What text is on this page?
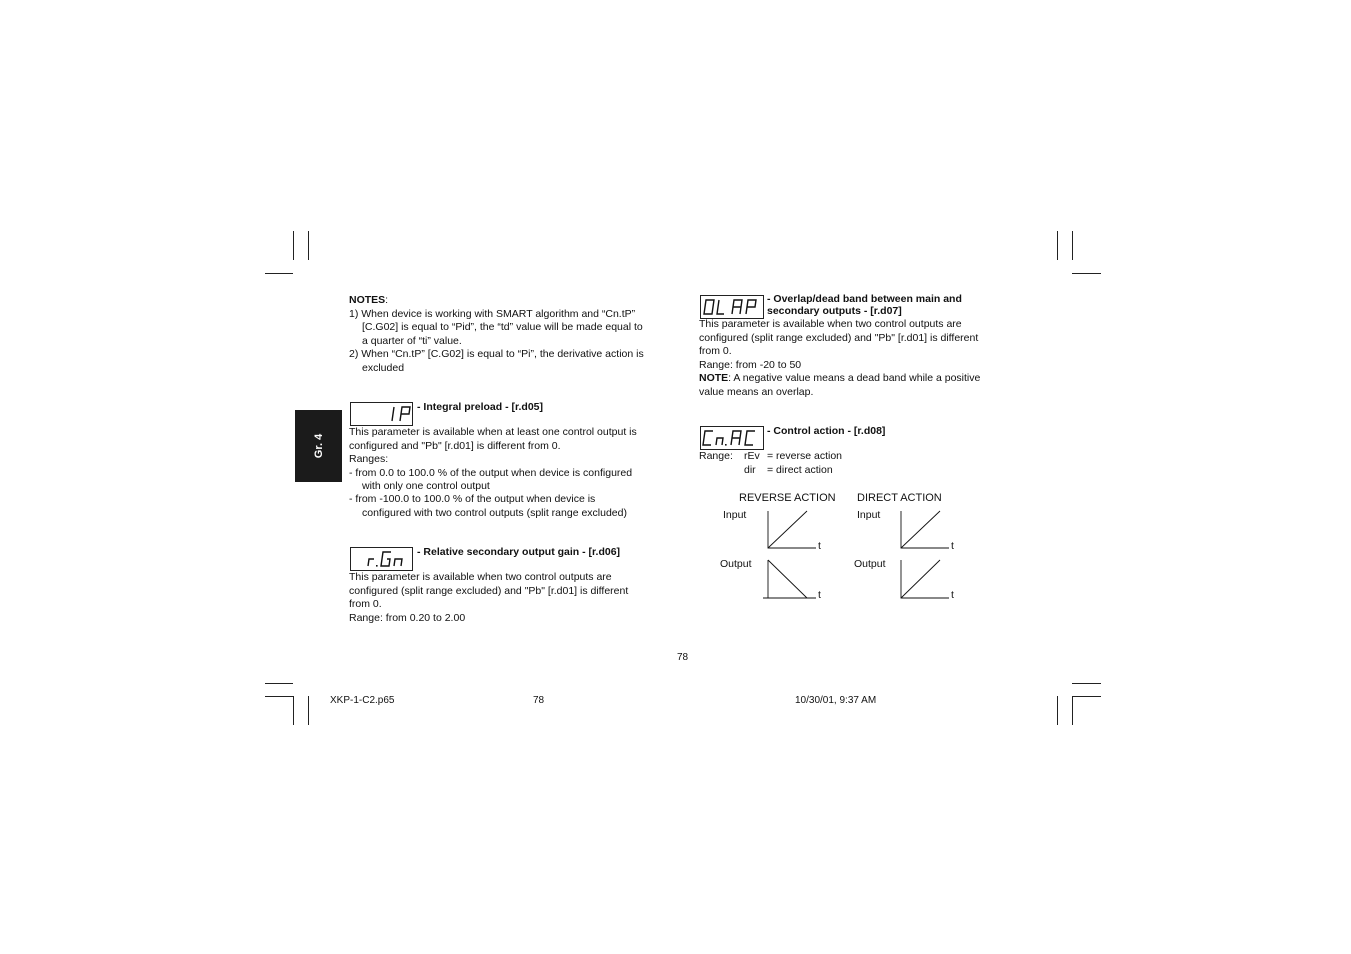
Gr. 4
NOTES:
1) When device is working with SMART algorithm and “Cn.tP”
[C.G02] is equal to “Pid”, the “td” value will be made equal to
a quarter of “ti” value.
2) When “Cn.tP” [C.G02] is equal to “Pi”, the derivative action is
excluded
- Integral preload - [r.d05]
This parameter is available when at least one control output is
configured and "Pb" [r.d01] is different from 0.
Ranges:
- from 0.0 to 100.0 % of the output when device is configured
with only one control output
- from -100.0 to 100.0 % of the output when device is
configured with two control outputs (split range excluded)
- Relative secondary output gain - [r.d06]
This parameter is available when two control outputs are
configured (split range excluded) and "Pb" [r.d01] is different
from 0.
Range: from 0.20 to 2.00
- Overlap/dead band between main and
secondary outputs - [r.d07]
This parameter is available when two control outputs are
configured (split range excluded) and "Pb" [r.d01] is different
from 0.
Range: from -20 to 50
NOTE: A negative value means a dead band while a positive
value means an overlap.
- Control action - [r.d08]
Range: rEv = reverse action
dir = direct action
REVERSE ACTION DIRECT ACTION
Input	Input
Output	Output
t	t
t	t
78
XKP-1-C2.p65	78	10/30/01, 9:37 AM
